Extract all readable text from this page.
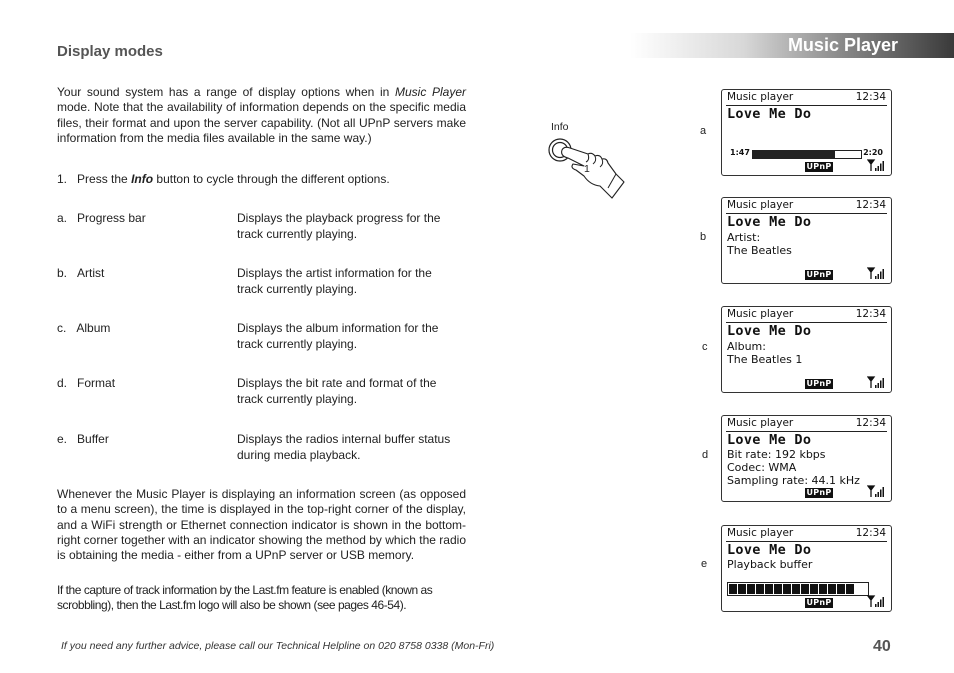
Music Player
Display modes
Your sound system has a range of display options when in Music Player mode. Note that the availability of information depends on the specific media files, their format and upon the server capability. (Not all UPnP servers make information from the media files available in the same way.)
1. Press the Info button to cycle through the different options.
a. Progress bar	Displays the playback progress for the
track currently playing.
b. Artist	Displays the artist information for the
track currently playing.
c. Album	Displays the album information for the
track currently playing.
d. Format	Displays the bit rate and format of the
track currently playing.
e. Buffer	Displays the radios internal buffer status
during media playback.
Whenever the Music Player is displaying an information screen (as opposed to a menu screen), the time is displayed in the top-right corner of the display, and a WiFi strength or Ethernet connection indicator is shown in the bottom-right corner together with an indicator showing the method by which the radio is obtaining the media - either from a UPnP server or USB memory.
If the capture of track information by the Last.fm feature is enabled (known as scrobbling), then the Last.fm logo will also be shown (see pages 46-54).
If you need any further advice, please call our Technical Helpline on 020 8758 0338 (Mon-Fri)	40
Info
1
a
b
c
d
e
Music player	12:34
Love Me Do
1:47	2:20
UPnP
Music player	12:34
Love Me Do
Artist:
The Beatles
UPnP
Music player	12:34
Love Me Do
Album:
The Beatles 1
UPnP
Music player	12:34
Love Me Do
Bit rate: 192 kbps
Codec: WMA
Sampling rate: 44.1 kHz
UPnP
Music player	12:34
Love Me Do
Playback buffer
UPnP
